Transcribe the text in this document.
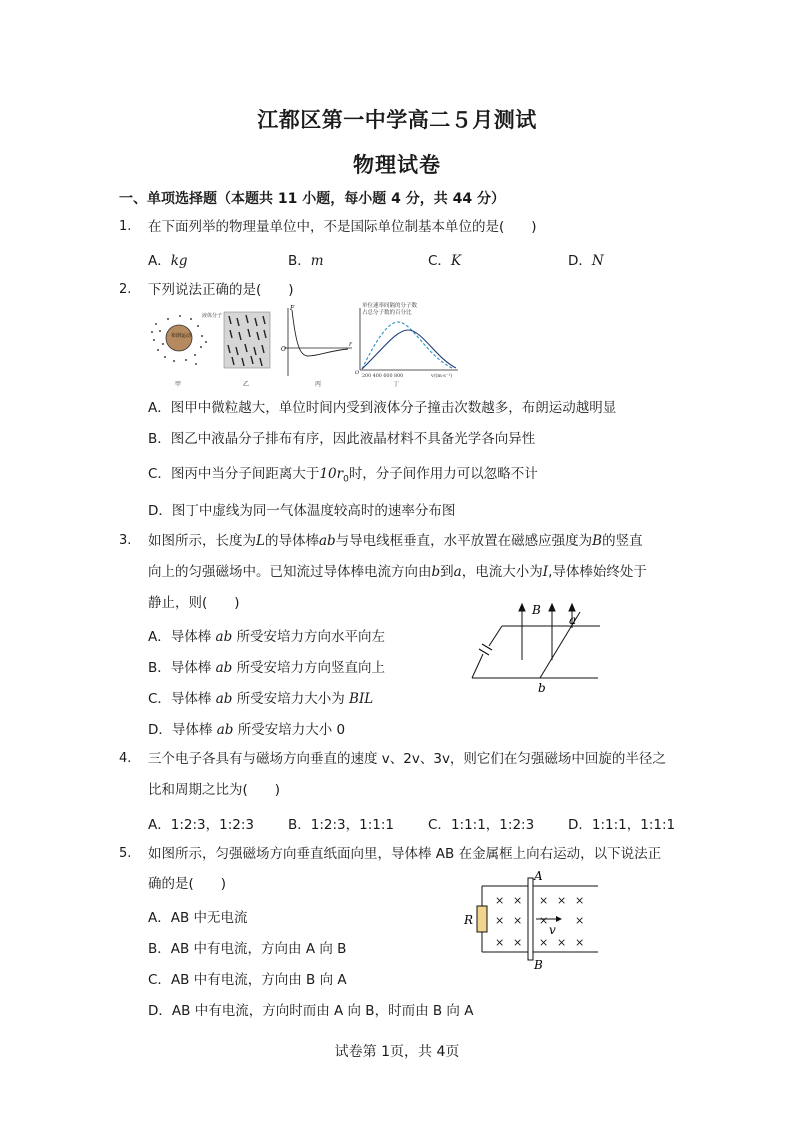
江都区第一中学高二５月测试
物理试卷
一、单项选择题（本题共 11 小题，每小题 4 分，共 44 分）
1. 在下面列举的物理量单位中，不是国际单位制基本单位的是(　　)
A．kg	B．m	C．K	D．N
2. 下列说法正确的是(　　)
布朗运动
液体分子
甲	乙
F
r
O
丙
单位速率间隔的分子数
占总分子数的百分比
200 400 600 800	v/(m·s⁻¹)
O
丁
A．图甲中微粒越大，单位时间内受到液体分子撞击次数越多，布朗运动越明显
B．图乙中液晶分子排布有序，因此液晶材料不具备光学各向异性
C．图丙中当分子间距离大于$10r_0$时，分子间作用力可以忽略不计
D．图丁中虚线为同一气体温度较高时的速率分布图
3. 如图所示，长度为L的导体棒ab与导电线框垂直，水平放置在磁感应强度为B的竖直
向上的匀强磁场中。已知流过导体棒电流方向由b到a，电流大小为I,导体棒始终处于
静止，则(　　)
A．导体棒 ab 所受安培力方向水平向左
B．导体棒 ab 所受安培力方向竖直向上
C．导体棒 ab 所受安培力大小为 BIL
D．导体棒 ab 所受安培力大小 0
B
a
b
4. 三个电子各具有与磁场方向垂直的速度 v、2v、3v，则它们在匀强磁场中回旋的半径之
比和周期之比为(　　)
A．1:2:3，1:2:3	B．1:2:3，1:1:1	C．1:1:1，1:2:3	D．1:1:1，1:1:1
5. 如图所示，匀强磁场方向垂直纸面向里，导体棒 AB 在金属框上向右运动，以下说法正
确的是(　　)
A．AB 中无电流
B．AB 中有电流，方向由 A 向 B
C．AB 中有电流，方向由 B 向 A
D．AB 中有电流，方向时而由 A 向 B，时而由 B 向 A
R
A
B
v
× × × × ×
× × × ×
× × × × ×
试卷第 1页，共 4页
